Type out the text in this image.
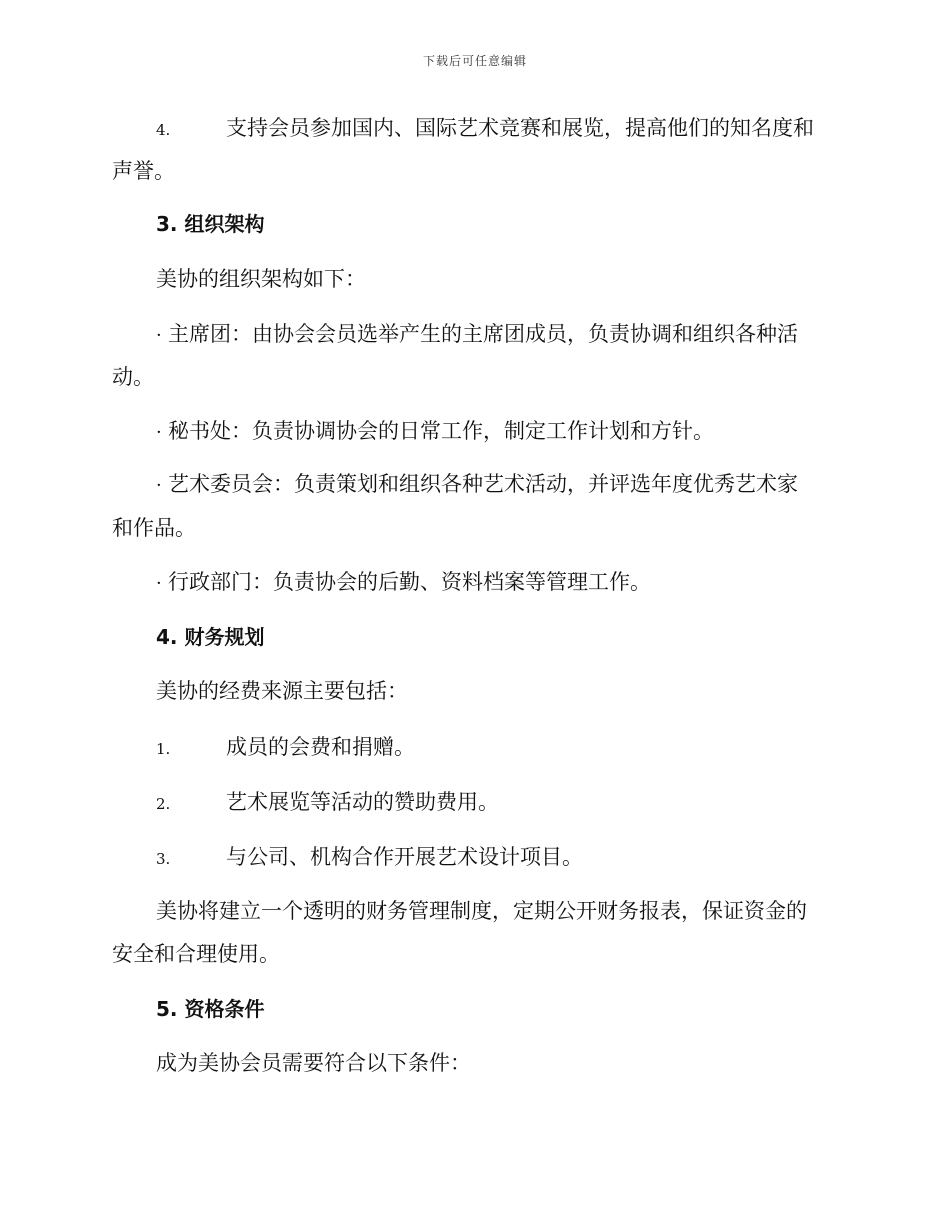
下载后可任意编辑
4.	支持会员参加国内、国际艺术竞赛和展览，提高他们的知名度和
声誉。
3. 组织架构
美协的组织架构如下：
· 主席团：由协会会员选举产生的主席团成员，负责协调和组织各种活
动。
· 秘书处：负责协调协会的日常工作，制定工作计划和方针。
· 艺术委员会：负责策划和组织各种艺术活动，并评选年度优秀艺术家
和作品。
· 行政部门：负责协会的后勤、资料档案等管理工作。
4. 财务规划
美协的经费来源主要包括：
1.	成员的会费和捐赠。
2.	艺术展览等活动的赞助费用。
3.	与公司、机构合作开展艺术设计项目。
美协将建立一个透明的财务管理制度，定期公开财务报表，保证资金的
安全和合理使用。
5. 资格条件
成为美协会员需要符合以下条件：
